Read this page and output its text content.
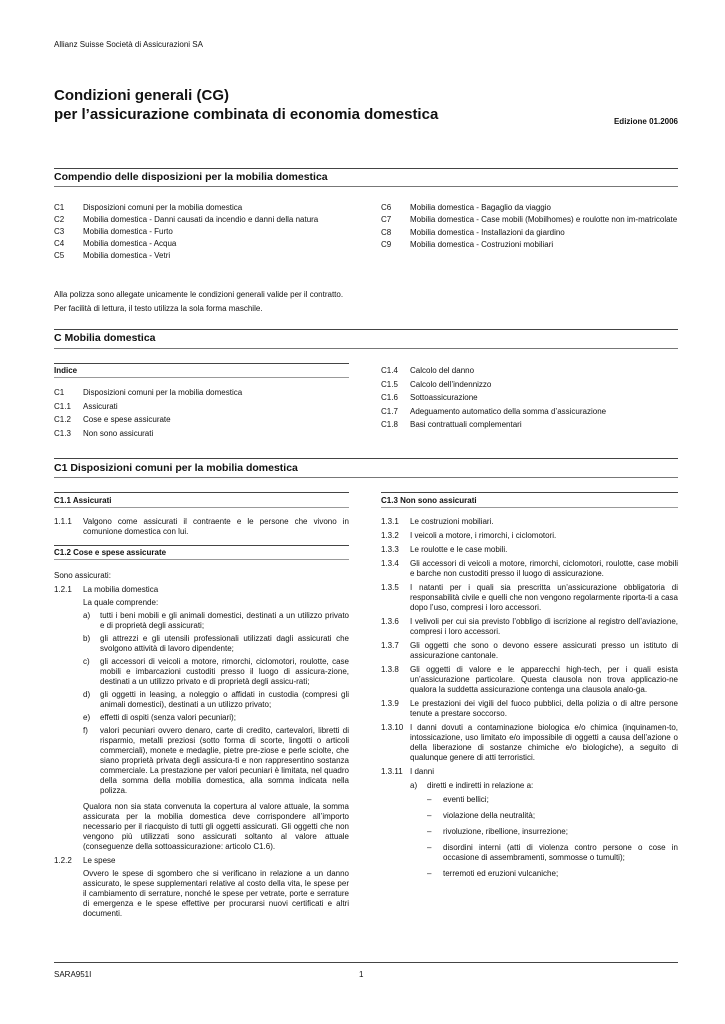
Allianz Suisse Società di Assicurazioni SA
Condizioni generali (CG)
per l’assicurazione combinata di economia domestica	Edizione 01.2006
Compendio delle disposizioni per la mobilia domestica
C1	Disposizioni comuni per la mobilia domestica
C2	Mobilia domestica - Danni causati da incendio e danni della natura
C3	Mobilia domestica - Furto
C4	Mobilia domestica - Acqua
C5	Mobilia domestica - Vetri
C6	Mobilia domestica - Bagaglio da viaggio
C7	Mobilia domestica - Case mobili (Mobilhomes) e roulotte non im-matricolate
C8	Mobilia domestica - Installazioni da giardino
C9	Mobilia domestica - Costruzioni mobiliari
Alla polizza sono allegate unicamente le condizioni generali valide per il contratto.
Per facilità di lettura, il testo utilizza la sola forma maschile.
C Mobilia domestica
Indice
C1	Disposizioni comuni per la mobilia domestica
C1.1	Assicurati
C1.2	Cose e spese assicurate
C1.3	Non sono assicurati
C1.4	Calcolo del danno
C1.5	Calcolo dell’indennizzo
C1.6	Sottoassicurazione
C1.7	Adeguamento automatico della somma d’assicurazione
C1.8	Basi contrattuali complementari
C1 Disposizioni comuni per la mobilia domestica
C1.1 Assicurati
1.1.1	Valgono come assicurati il contraente e le persone che vivono in comunione domestica con lui.
C1.2 Cose e spese assicurate
Sono assicurati:
1.2.1	La mobilia domestica
La quale comprende:
a)	tutti i beni mobili e gli animali domestici, destinati a un utilizzo privato e di proprietà degli assicurati;
b)	gli attrezzi e gli utensili professionali utilizzati dagli assicurati che svolgono attività di lavoro dipendente;
c)	gli accessori di veicoli a motore, rimorchi, ciclomotori, roulotte, case mobili e imbarcazioni custoditi presso il luogo di assicura-zione, destinati a un utilizzo privato e di proprietà degli assicu-rati;
d)	gli oggetti in leasing, a noleggio o affidati in custodia (compresi gli animali domestici), destinati a un utilizzo privato;
e)	effetti di ospiti (senza valori pecuniari);
f)	valori pecuniari ovvero denaro, carte di credito, cartevalori, libretti di risparmio, metalli preziosi (sotto forma di scorte, lingotti o articoli commerciali), monete e medaglie, pietre pre-ziose e perle sciolte, che siano proprietà privata degli assicura-ti e non rappresentino sostanza commerciale. La prestazione per valori pecuniari è limitata, nel quadro della somma della mobilia domestica, alla somma indicata nella polizza.
Qualora non sia stata convenuta la copertura al valore attuale, la somma assicurata per la mobilia domestica deve corrispondere all’importo necessario per il riacquisto di tutti gli oggetti assicurati. Gli oggetti che non vengono più utilizzati sono assicurati soltanto al valore attuale (conseguenze della sottoassicurazione: articolo C1.6).
1.2.2	Le spese
Ovvero le spese di sgombero che si verificano in relazione a un danno assicurato, le spese supplementari relative al costo della vita, le spese per il cambiamento di serrature, nonché le spese per vetrate, porte e serrature di emergenza e le spese effettive per procurarsi nuovi certificati e altri documenti.
C1.3 Non sono assicurati
1.3.1	Le costruzioni mobiliari.
1.3.2	I veicoli a motore, i rimorchi, i ciclomotori.
1.3.3	Le roulotte e le case mobili.
1.3.4	Gli accessori di veicoli a motore, rimorchi, ciclomotori, roulotte, case mobili e barche non custoditi presso il luogo di assicurazione.
1.3.5	I natanti per i quali sia prescritta un’assicurazione obbligatoria di responsabilità civile e quelli che non vengono regolarmente riporta-ti a casa dopo l’uso, compresi i loro accessori.
1.3.6	I velivoli per cui sia previsto l’obbligo di iscrizione al registro dell’aviazione, compresi i loro accessori.
1.3.7	Gli oggetti che sono o devono essere assicurati presso un istituto di assicurazione cantonale.
1.3.8	Gli oggetti di valore e le apparecchi high-tech, per i quali esista un’assicurazione particolare. Questa clausola non trova applicazio-ne qualora la suddetta assicurazione contenga una clausola analo-ga.
1.3.9	Le prestazioni dei vigili del fuoco pubblici, della polizia o di altre persone tenute a prestare soccorso.
1.3.10 I danni dovuti a contaminazione biologica e/o chimica (inquinamen-to, intossicazione, uso limitato e/o impossibile di oggetti a causa dell’azione o della liberazione di sostanze chimiche e/o biologiche), a seguito di qualunque genere di atti terroristici.
1.3.11 I danni
a)	diretti e indiretti in relazione a:
–	eventi bellici;
–	violazione della neutralità;
–	rivoluzione, ribellione, insurrezione;
–	disordini interni (atti di violenza contro persone o cose in occasione di assembramenti, sommosse o tumulti);
–	terremoti ed eruzioni vulcaniche;
SARA951I	1
